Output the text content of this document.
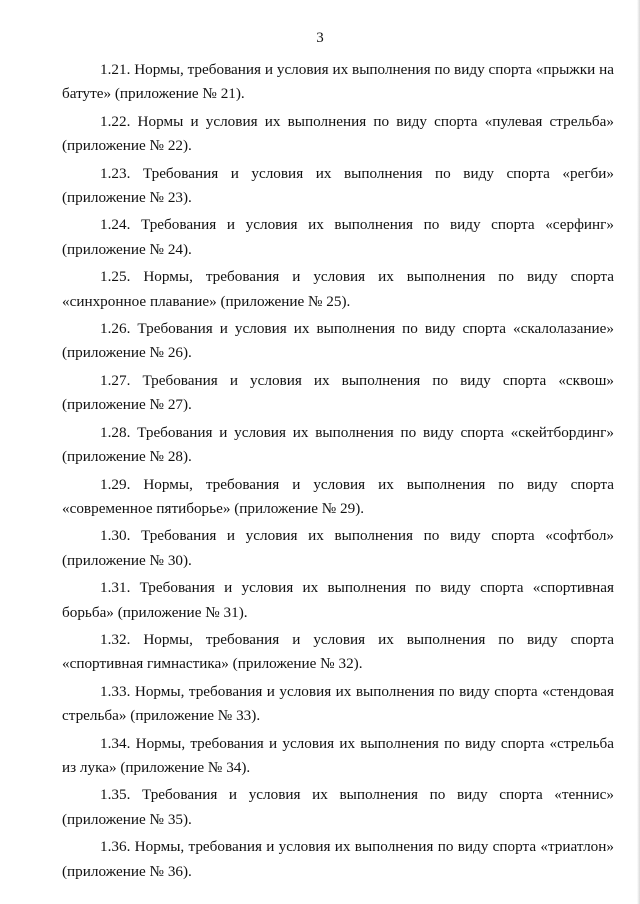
3

1.21. Нормы, требования и условия их выполнения по виду спорта «прыжки на батуте» (приложение № 21).

1.22. Нормы и условия их выполнения по виду спорта «пулевая стрельба» (приложение № 22).

1.23. Требования и условия их выполнения по виду спорта «регби» (приложение № 23).

1.24. Требования и условия их выполнения по виду спорта «серфинг» (приложение № 24).

1.25. Нормы, требования и условия их выполнения по виду спорта «синхронное плавание» (приложение № 25).

1.26. Требования и условия их выполнения по виду спорта «скалолазание» (приложение № 26).

1.27. Требования и условия их выполнения по виду спорта «сквош» (приложение № 27).

1.28. Требования и условия их выполнения по виду спорта «скейтбординг» (приложение № 28).

1.29. Нормы, требования и условия их выполнения по виду спорта «современное пятиборье» (приложение № 29).

1.30. Требования и условия их выполнения по виду спорта «софтбол» (приложение № 30).

1.31. Требования и условия их выполнения по виду спорта «спортивная борьба» (приложение № 31).

1.32. Нормы, требования и условия их выполнения по виду спорта «спортивная гимнастика» (приложение № 32).

1.33. Нормы, требования и условия их выполнения по виду спорта «стендовая стрельба» (приложение № 33).

1.34. Нормы, требования и условия их выполнения по виду спорта «стрельба из лука» (приложение № 34).

1.35. Требования и условия их выполнения по виду спорта «теннис» (приложение № 35).

1.36. Нормы, требования и условия их выполнения по виду спорта «триатлон» (приложение № 36).
